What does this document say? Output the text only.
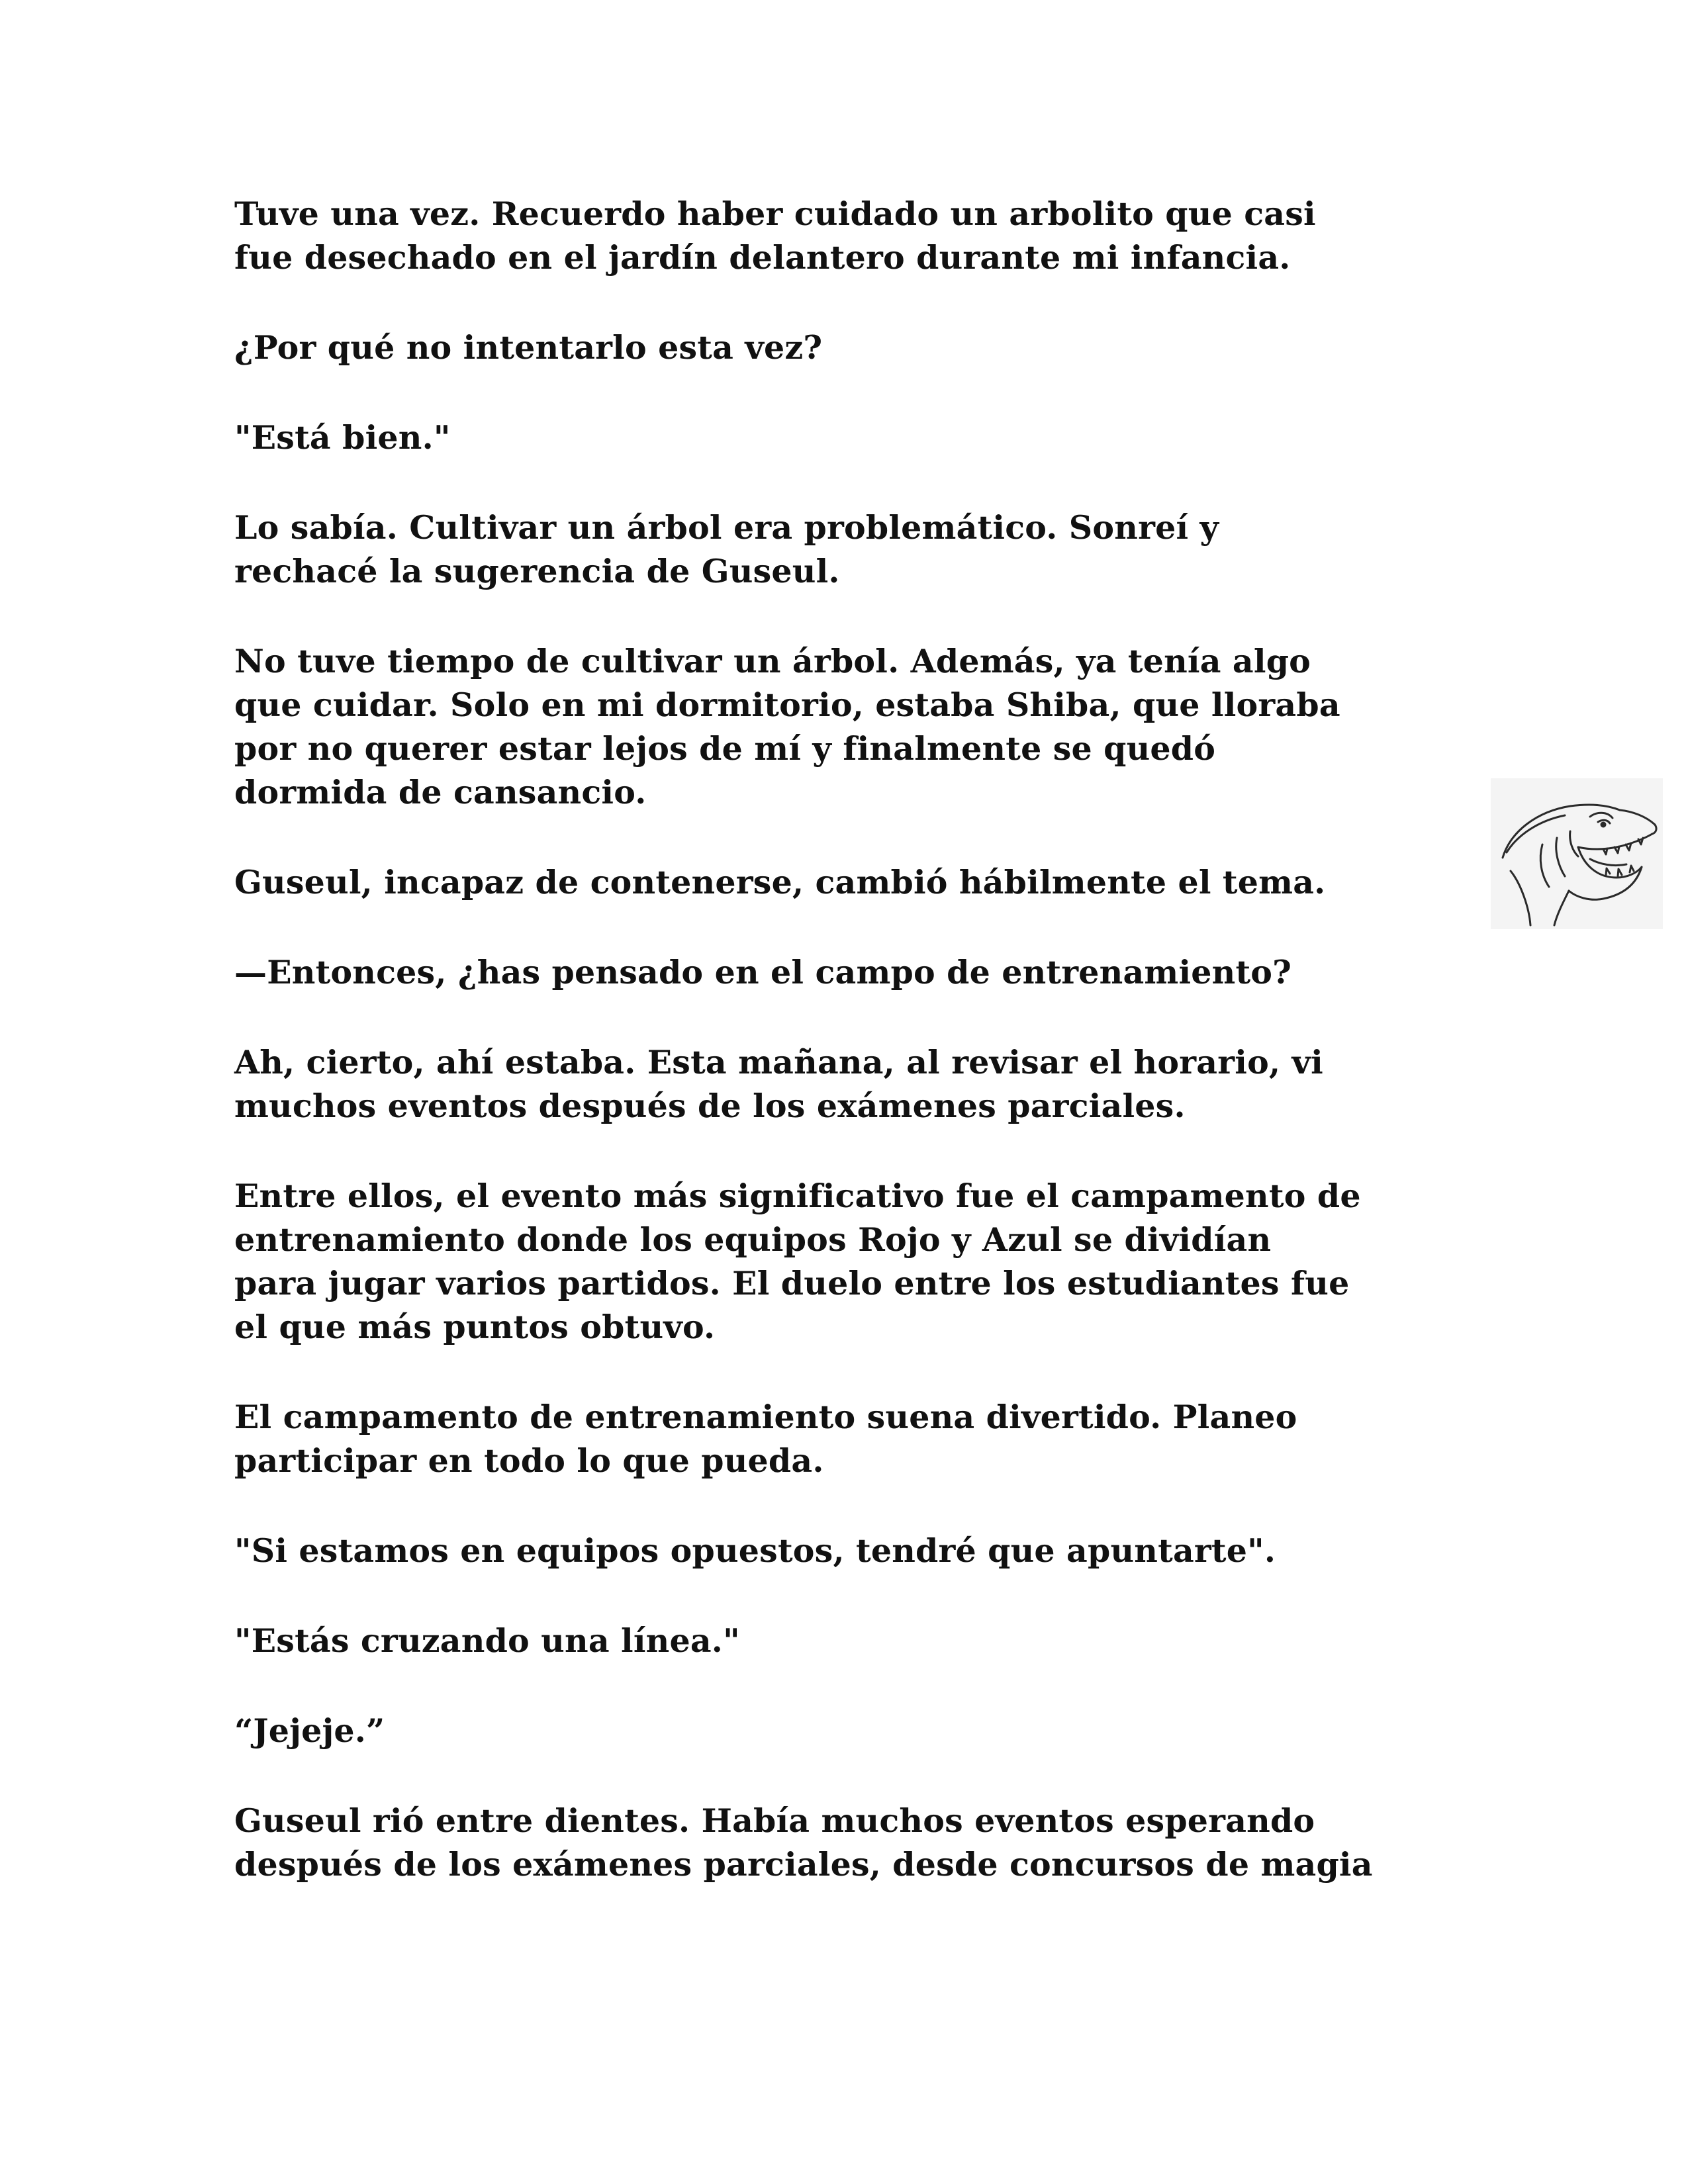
Tuve una vez. Recuerdo haber cuidado un arbolito que casi
fue desechado en el jardín delantero durante mi infancia.

¿Por qué no intentarlo esta vez?

"Está bien."

Lo sabía. Cultivar un árbol era problemático. Sonreí y
rechacé la sugerencia de Guseul.

No tuve tiempo de cultivar un árbol. Además, ya tenía algo
que cuidar. Solo en mi dormitorio, estaba Shiba, que lloraba
por no querer estar lejos de mí y finalmente se quedó
dormida de cansancio.

Guseul, incapaz de contenerse, cambió hábilmente el tema.

—Entonces, ¿has pensado en el campo de entrenamiento?

Ah, cierto, ahí estaba. Esta mañana, al revisar el horario, vi
muchos eventos después de los exámenes parciales.

Entre ellos, el evento más significativo fue el campamento de
entrenamiento donde los equipos Rojo y Azul se dividían
para jugar varios partidos. El duelo entre los estudiantes fue
el que más puntos obtuvo.

El campamento de entrenamiento suena divertido. Planeo
participar en todo lo que pueda.

"Si estamos en equipos opuestos, tendré que apuntarte".

"Estás cruzando una línea."

“Jejeje.”

Guseul rió entre dientes. Había muchos eventos esperando
después de los exámenes parciales, desde concursos de magia
